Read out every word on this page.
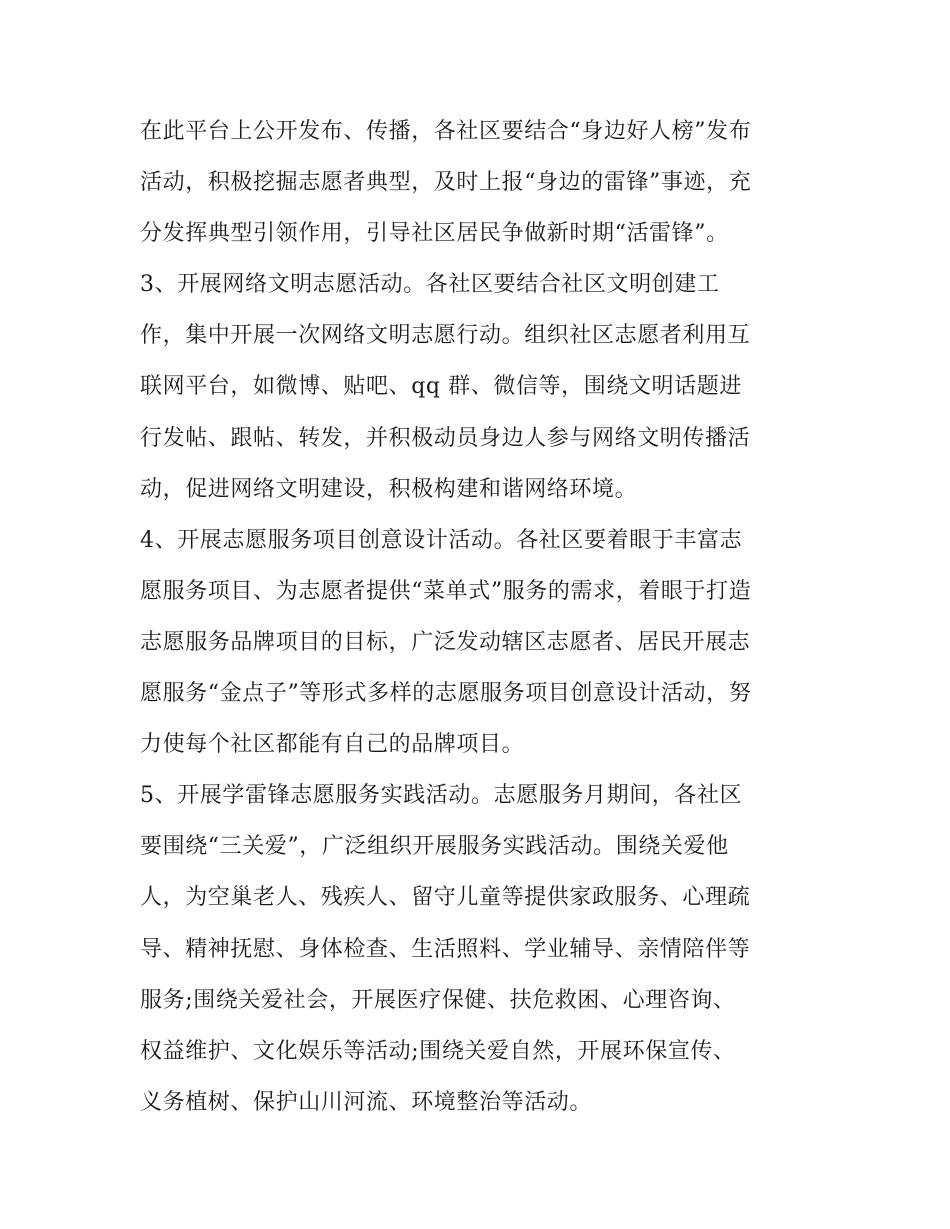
在此平台上公开发布、传播，各社区要结合“身边好人榜”发布
活动，积极挖掘志愿者典型，及时上报“身边的雷锋”事迹，充
分发挥典型引领作用，引导社区居民争做新时期“活雷锋”。
3、开展网络文明志愿活动。各社区要结合社区文明创建工
作，集中开展一次网络文明志愿行动。组织社区志愿者利用互
联网平台，如微博、贴吧、qq 群、微信等，围绕文明话题进
行发帖、跟帖、转发，并积极动员身边人参与网络文明传播活
动，促进网络文明建设，积极构建和谐网络环境。
4、开展志愿服务项目创意设计活动。各社区要着眼于丰富志
愿服务项目、为志愿者提供“菜单式”服务的需求，着眼于打造
志愿服务品牌项目的目标，广泛发动辖区志愿者、居民开展志
愿服务“金点子”等形式多样的志愿服务项目创意设计活动，努
力使每个社区都能有自己的品牌项目。
5、开展学雷锋志愿服务实践活动。志愿服务月期间，各社区
要围绕“三关爱”，广泛组织开展服务实践活动。围绕关爱他
人，为空巢老人、残疾人、留守儿童等提供家政服务、心理疏
导、精神抚慰、身体检查、生活照料、学业辅导、亲情陪伴等
服务;围绕关爱社会，开展医疗保健、扶危救困、心理咨询、
权益维护、文化娱乐等活动;围绕关爱自然，开展环保宣传、
义务植树、保护山川河流、环境整治等活动。
